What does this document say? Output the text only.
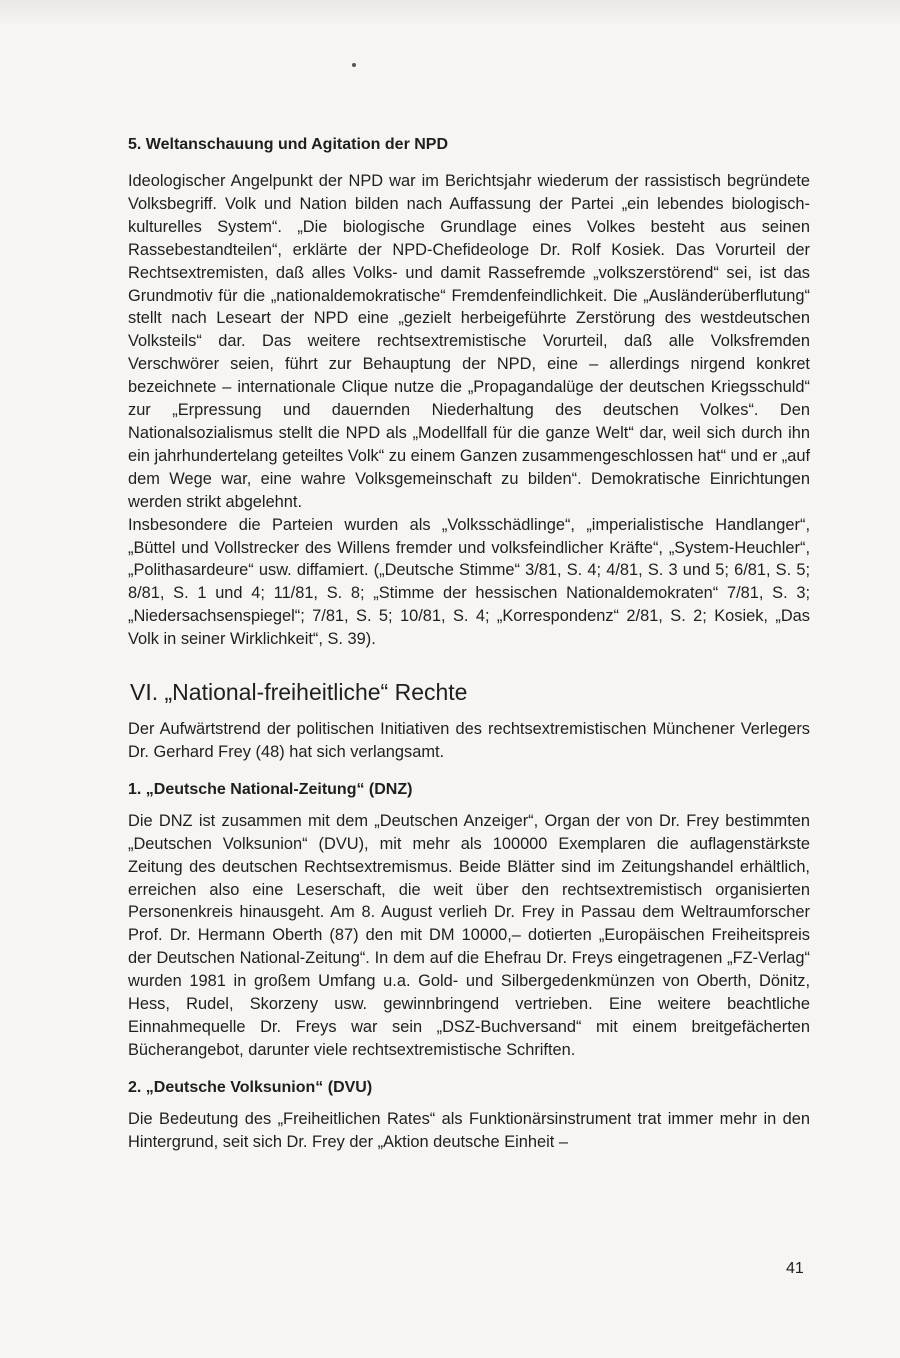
5. Weltanschauung und Agitation der NPD

Ideologischer Angelpunkt der NPD war im Berichtsjahr wiederum der rassistisch begründete Volksbegriff. Volk und Nation bilden nach Auffassung der Partei „ein lebendes biologisch-kulturelles System“. „Die biologische Grundlage eines Volkes besteht aus seinen Rassebestandteilen“, erklärte der NPD-Chefideologe Dr. Rolf Kosiek. Das Vorurteil der Rechtsextremisten, daß alles Volks- und damit Rassefremde „volkszerstörend“ sei, ist das Grundmotiv für die „nationaldemokratische“ Fremdenfeindlichkeit. Die „Ausländerüberflutung“ stellt nach Leseart der NPD eine „gezielt herbeigeführte Zerstörung des westdeutschen Volksteils“ dar. Das weitere rechtsextremistische Vorurteil, daß alle Volksfremden Verschwörer seien, führt zur Behauptung der NPD, eine – allerdings nirgend konkret bezeichnete – internationale Clique nutze die „Propagandalüge der deutschen Kriegsschuld“ zur „Erpressung und dauernden Niederhaltung des deutschen Volkes“. Den Nationalsozialismus stellt die NPD als „Modellfall für die ganze Welt“ dar, weil sich durch ihn ein jahrhundertelang geteiltes Volk“ zu einem Ganzen zusammengeschlossen hat“ und er „auf dem Wege war, eine wahre Volksgemeinschaft zu bilden“. Demokratische Einrichtungen werden strikt abgelehnt.

Insbesondere die Parteien wurden als „Volksschädlinge“, „imperialistische Handlanger“, „Büttel und Vollstrecker des Willens fremder und volksfeindlicher Kräfte“, „System-Heuchler“, „Polithasardeure“ usw. diffamiert. („Deutsche Stimme“ 3/81, S. 4; 4/81, S. 3 und 5; 6/81, S. 5; 8/81, S. 1 und 4; 11/81, S. 8; „Stimme der hessischen Nationaldemokraten“ 7/81, S. 3; „Niedersachsenspiegel“; 7/81, S. 5; 10/81, S. 4; „Korrespondenz“ 2/81, S. 2; Kosiek, „Das Volk in seiner Wirklichkeit“, S. 39).

VI. „National-freiheitliche“ Rechte

Der Aufwärtstrend der politischen Initiativen des rechtsextremistischen Münchener Verlegers Dr. Gerhard Frey (48) hat sich verlangsamt.

1. „Deutsche National-Zeitung“ (DNZ)

Die DNZ ist zusammen mit dem „Deutschen Anzeiger“, Organ der von Dr. Frey bestimmten „Deutschen Volksunion“ (DVU), mit mehr als 100000 Exemplaren die auflagenstärkste Zeitung des deutschen Rechtsextremismus. Beide Blätter sind im Zeitungshandel erhältlich, erreichen also eine Leserschaft, die weit über den rechtsextremistisch organisierten Personenkreis hinausgeht. Am 8. August verlieh Dr. Frey in Passau dem Weltraumforscher Prof. Dr. Hermann Oberth (87) den mit DM 10000,– dotierten „Europäischen Freiheitspreis der Deutschen National-Zeitung“. In dem auf die Ehefrau Dr. Freys eingetragenen „FZ-Verlag“ wurden 1981 in großem Umfang u.a. Gold- und Silbergedenkmünzen von Oberth, Dönitz, Hess, Rudel, Skorzeny usw. gewinnbringend vertrieben. Eine weitere beachtliche Einnahmequelle Dr. Freys war sein „DSZ-Buchversand“ mit einem breitgefächerten Bücherangebot, darunter viele rechtsextremistische Schriften.

2. „Deutsche Volksunion“ (DVU)

Die Bedeutung des „Freiheitlichen Rates“ als Funktionärsinstrument trat immer mehr in den Hintergrund, seit sich Dr. Frey der „Aktion deutsche Einheit –

41
